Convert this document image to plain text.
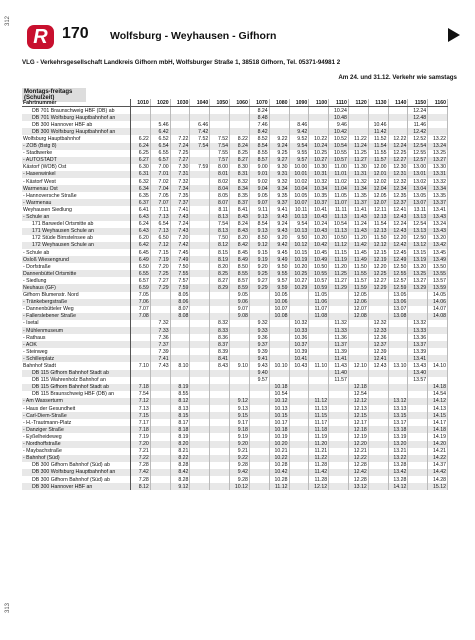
312
313
R 170 Wolfsburg - Weyhausen - Gifhorn
VLG - Verkehrsgesellschaft Landkreis Gifhorn mbH, Wolfsburger Straße 1, 38518 Gifhorn, Tel. 05371-94981 2
Am 24. und 31.12. Verkehr wie samstags
Montags-freitags (Schulzeit)
Fahrtnummer	1010	1020	1030	1040	1050	1060	1070	1080	1090	1100	1110	1120	1130	1140	1150	1160
DB 701 Braunschweig HBF (DB) ab							8.24				10.24				12.24	
DB 701 Wolfsburg Hauptbahnhof an							8.48				10.48				12.48	
DB 300 Hannover HBF ab		5.46		6.46			7.46		8.46		9.46		10.46		11.46	
DB 300 Wolfsburg Hauptbahnhof an		6.42		7.42			8.42		9.42		10.42		11.42		12.42	
Wolfsburg Hauptbahnhof	6.22	6.52	7.22	7.52	7.52	8.22	8.52	9.22	9.52	10.22	10.52	11.22	11.52	12.22	12.52	13.22
- ZOB (Bstg 8)	6.24	6.54	7.24	7.54	7.54	8.24	8.54	9.24	9.54	10.24	10.54	11.24	11.54	12.24	12.54	13.24
- Stadtwerke	6.25	6.55	7.25		7.55	8.25	8.55	9.25	9.55	10.25	10.55	11.25	11.55	12.25	12.55	13.25
- AUTOSTADT	6.27	6.57	7.27		7.57	8.27	8.57	9.27	9.57	10.27	10.57	11.27	11.57	12.27	12.57	13.27
Kästorf (WOB) Ost	6.30	7.00	7.30	7.59	8.00	8.30	9.00	9.30	10.00	10.30	11.00	11.30	12.00	12.30	13.00	13.30
- Hasenwinkel	6.31	7.01	7.31		8.01	8.31	9.01	9.31	10.01	10.31	11.01	11.31	12.01	12.31	13.01	13.31
- Kästorf West	6.32	7.02	7.32		8.02	8.32	9.02	9.32	10.02	10.32	11.02	11.32	12.02	12.32	13.02	13.32
Warmenau Ost	6.34	7.04	7.34		8.04	8.34	9.04	9.34	10.04	10.34	11.04	11.34	12.04	12.34	13.04	13.34
- Hannoversche Straße	6.35	7.05	7.35		8.05	8.35	9.05	9.35	10.05	10.35	11.05	11.35	12.05	12.35	13.05	13.35
- Warmenau	6.37	7.07	7.37		8.07	8.37	9.07	9.37	10.07	10.37	11.07	11.37	12.07	12.37	13.07	13.37
Weyhausen Siedlung	6.41	7.11	7.41		8.11	8.41	9.11	9.41	10.11	10.41	11.11	11.41	12.11	12.41	13.11	13.41
- Schule an	6.43	7.13	7.43		8.13	8.43	9.13	9.43	10.13	10.43	11.13	11.43	12.13	12.43	13.13	13.43
171 Barwedel Ortsmitte ab	6.24	6.54	7.24		7.54	8.24	8.54	9.24	9.54	10.24	10.54	11.24	11.54	12.24	12.54	13.24
171 Weyhausen Schule an	6.43	7.13	7.43		8.13	8.43	9.13	9.43	10.13	10.43	11.13	11.43	12.13	12.43	13.13	13.43
172 Stüde Birnstelnsee ab	6.20	6.50	7.20		7.50	8.20	8.50	9.20	9.50	10.20	10.50	11.20	11.50	12.20	12.50	13.20
172 Weyhausen Schule an	6.42	7.12	7.42		8.12	8.42	9.12	9.42	10.12	10.42	11.12	11.42	12.12	12.42	13.12	13.42
- Schule ab	6.45	7.15	7.45		8.15	8.45	9.15	9.45	10.15	10.45	11.15	11.45	12.15	12.45	13.15	13.45
Osloß Wiesengrund	6.49	7.19	7.49		8.19	8.49	9.19	9.49	10.19	10.49	11.19	11.49	12.19	12.49	13.19	13.49
- Dorfstraße	6.50	7.20	7.50		8.20	8.50	9.20	9.50	10.20	10.50	11.20	11.50	12.20	12.50	13.20	13.50
Dannenbüttel Ortsmitte	6.55	7.25	7.55		8.25	8.55	9.25	9.55	10.25	10.55	11.25	11.55	12.25	12.55	13.25	13.55
- Siedlung	6.57	7.27	7.57		8.27	8.57	9.27	9.57	10.27	10.57	11.27	11.57	12.27	12.57	13.27	13.57
Neuhaus (GF)	6.59	7.29	7.59		8.29	8.59	9.29	9.59	10.29	10.59	11.29	11.59	12.29	12.59	13.29	13.59
Gifhorn Blumenstr. Nord	7.05		8.05			9.05		10.05		11.05		12.05		13.05		14.05
- Tränkebergstraße	7.06		8.06			9.06		10.06		11.06		12.06		13.06		14.06
- Dannenbütteler Weg	7.07		8.07			9.07		10.07		11.07		12.07		13.07		14.07
- Fallerslebener Straße	7.08		8.08			9.08		10.08		11.08		12.08		13.08		14.08
- Isetal		7.32			8.32		9.32		10.32		11.32		12.32		13.32	
- Mühlenmuseum		7.33			8.33		9.33		10.33		11.33		12.33		13.33	
- Rathaus		7.36			8.36		9.36		10.36		11.36		12.36		13.36	
- AOK		7.37			8.37		9.37		10.37		11.37		12.37		13.37	
- Steinweg		7.39			8.39		9.39		10.39		11.39		12.39		13.39	
- Schillerplatz		7.41			8.41		9.41		10.41		11.41		12.41		13.41	
Bahnhof Stadt	7.10	7.43	8.10		8.43	9.10	9.43	10.10	10.43	11.10	11.43	12.10	12.43	13.10	13.43	14.10
DB 115 Gifhorn Bahnhof Stadt ab							9.40				11.40				13.40	
DB 115 Wahrenholz Bahnhof an							9.57				11.57				13.57	
DB 115 Gifhorn Bahnhof Stadt ab	7.18		8.19					10.18				12.18				14.18
DB 115 Braunschweig HBF (DB) an	7.54		8.55					10.54				12.54				14.54
- Am Wasserturm	7.12		8.12			9.12		10.12		11.12		12.12		13.12		14.12
- Haus der Gesundheit	7.13		8.13			9.13		10.13		11.13		12.13		13.13		14.13
- Carl-Diem-Straße	7.15		8.15			9.15		10.15		11.15		12.15		13.15		14.15
- H.-Trautmann-Platz	7.17		8.17			9.17		10.17		11.17		12.17		13.17		14.17
- Danziger Straße	7.18		8.18			9.18		10.18		11.18		12.18		13.18		14.18
- Eyßelheideweg	7.19		8.19			9.19		10.19		11.19		12.19		13.19		14.19
- Nordhoffstraße	7.20		8.20			9.20		10.20		11.20		12.20		13.20		14.20
- Maybachstraße	7.21		8.21			9.21		10.21		11.21		12.21		13.21		14.21
- Bahnhof (Süd)	7.22		8.22			9.22		10.22		11.22		12.22		13.22		14.22
DB 300 Gifhorn Bahnhof (Süd) ab	7.28		8.28			9.28		10.28		11.28		12.28		13.28		14.37
DB 300 Wolfsburg Hauptbahnhof an	7.42		8.42			9.42		10.42		11.42		12.42		13.42		14.42
DB 300 Gifhorn Bahnhof (Süd) ab	7.28		8.28			9.28		10.28		11.28		12.28		13.28		14.28
DB 300 Hannover HBF an	8.12		9.12			10.12		11.12		12.12		13.12		14.12		15.12
